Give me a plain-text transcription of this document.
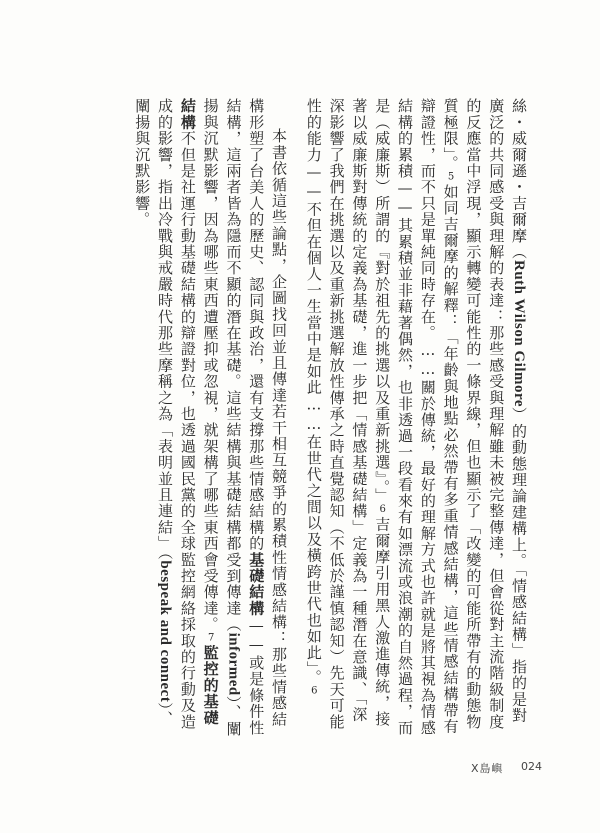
絲・威爾遜・吉爾摩（Ruth Wilson Gilmore）的動態理論建構上。「情感結構」指的是對廣泛的共同感受與理解的表達：那些感受與理解雖未被完整傳達，但會從對主流階級制度的反應當中浮現，顯示轉變可能性的一條界線，但也顯示了「改變的可能所帶有的動態物質極限」。5如同吉爾摩的解釋：「年齡與地點必然帶有多重情感結構，這些情感結構帶有辯證性，而不只是單純同時存在。……關於傳統，最好的理解方式也許就是將其視為情感結構的累積——其累積並非藉著偶然，也非透過一段看來有如漂流或浪潮的自然過程，而是（威廉斯）所謂的『對於祖先的挑選以及重新挑選』。」6吉爾摩引用黑人激進傳統，接著以威廉斯對傳統的定義為基礎，進一步把「情感基礎結構」定義為一種潛在意識、「深深影響了我們在挑選以及重新挑選解放性傳承之時直覺認知（不低於謹慎認知）先天可能性的能力——不但在個人一生當中是如此……在世代之間以及橫跨世代也如此」。6

本書依循這些論點，企圖找回並且傳達若干相互競爭的累積性情感結構：那些情感結構形塑了台美人的歷史、認同與政治，還有支撐那些情感結構的基礎結構——或是條件性結構，這兩者皆為隱而不顯的潛在基礎。這些結構與基礎結構都受到傳達（informed）、闡揚與沉默影響，因為哪些東西遭壓抑或忽視，就架構了哪些東西會受傳達。7監控的基礎結構不但是社運行動基礎結構的辯證對位，也透過國民黨的全球監控網絡採取的行動及造成的影響，指出冷戰與戒嚴時代那些摩稱之為「表明並且連結」（bespeak and connect）、闡揚與沉默影響。

X島嶼 024
